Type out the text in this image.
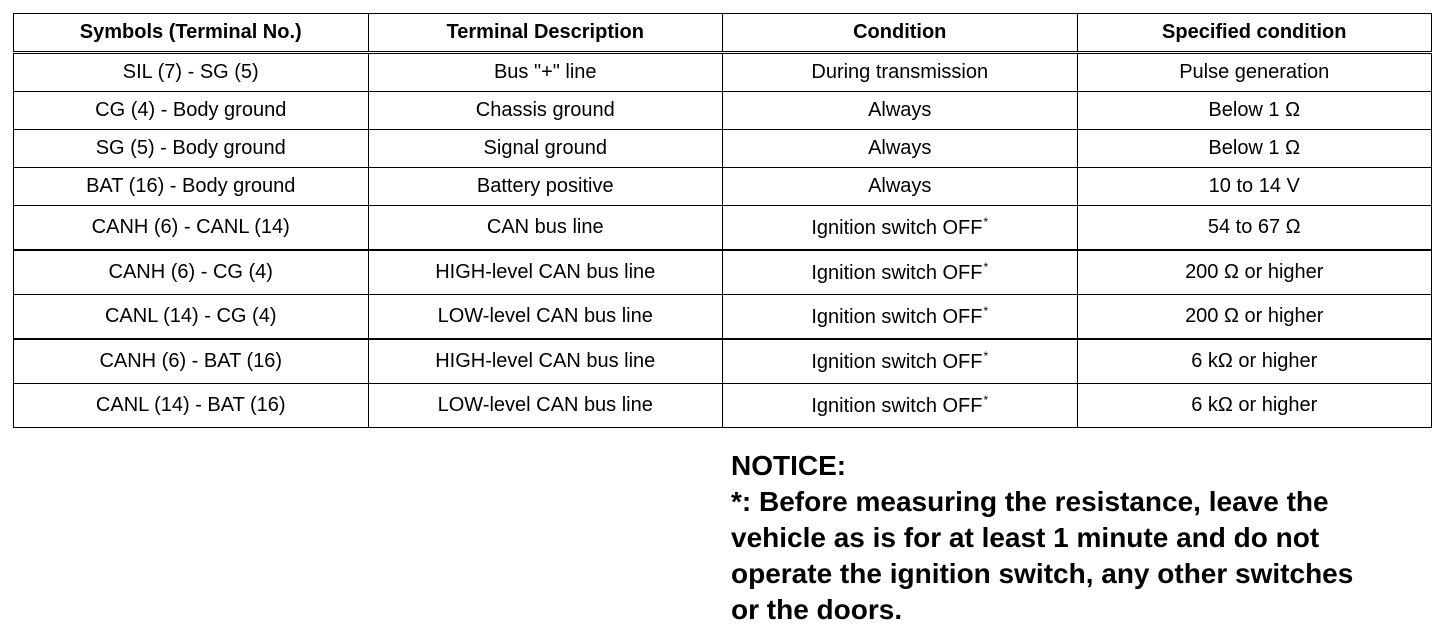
Symbols (Terminal No.)	Terminal Description	Condition	Specified condition
SIL (7) - SG (5)	Bus "+" line	During transmission	Pulse generation
CG (4) - Body ground	Chassis ground	Always	Below 1 Ω
SG (5) - Body ground	Signal ground	Always	Below 1 Ω
BAT (16) - Body ground	Battery positive	Always	10 to 14 V
CANH (6) - CANL (14)	CAN bus line	Ignition switch OFF*	54 to 67 Ω
CANH (6) - CG (4)	HIGH-level CAN bus line	Ignition switch OFF*	200 Ω or higher
CANL (14) - CG (4)	LOW-level CAN bus line	Ignition switch OFF*	200 Ω or higher
CANH (6) - BAT (16)	HIGH-level CAN bus line	Ignition switch OFF*	6 kΩ or higher
CANL (14) - BAT (16)	LOW-level CAN bus line	Ignition switch OFF*	6 kΩ or higher
NOTICE:
*: Before measuring the resistance, leave the
vehicle as is for at least 1 minute and do not
operate the ignition switch, any other switches
or the doors.
